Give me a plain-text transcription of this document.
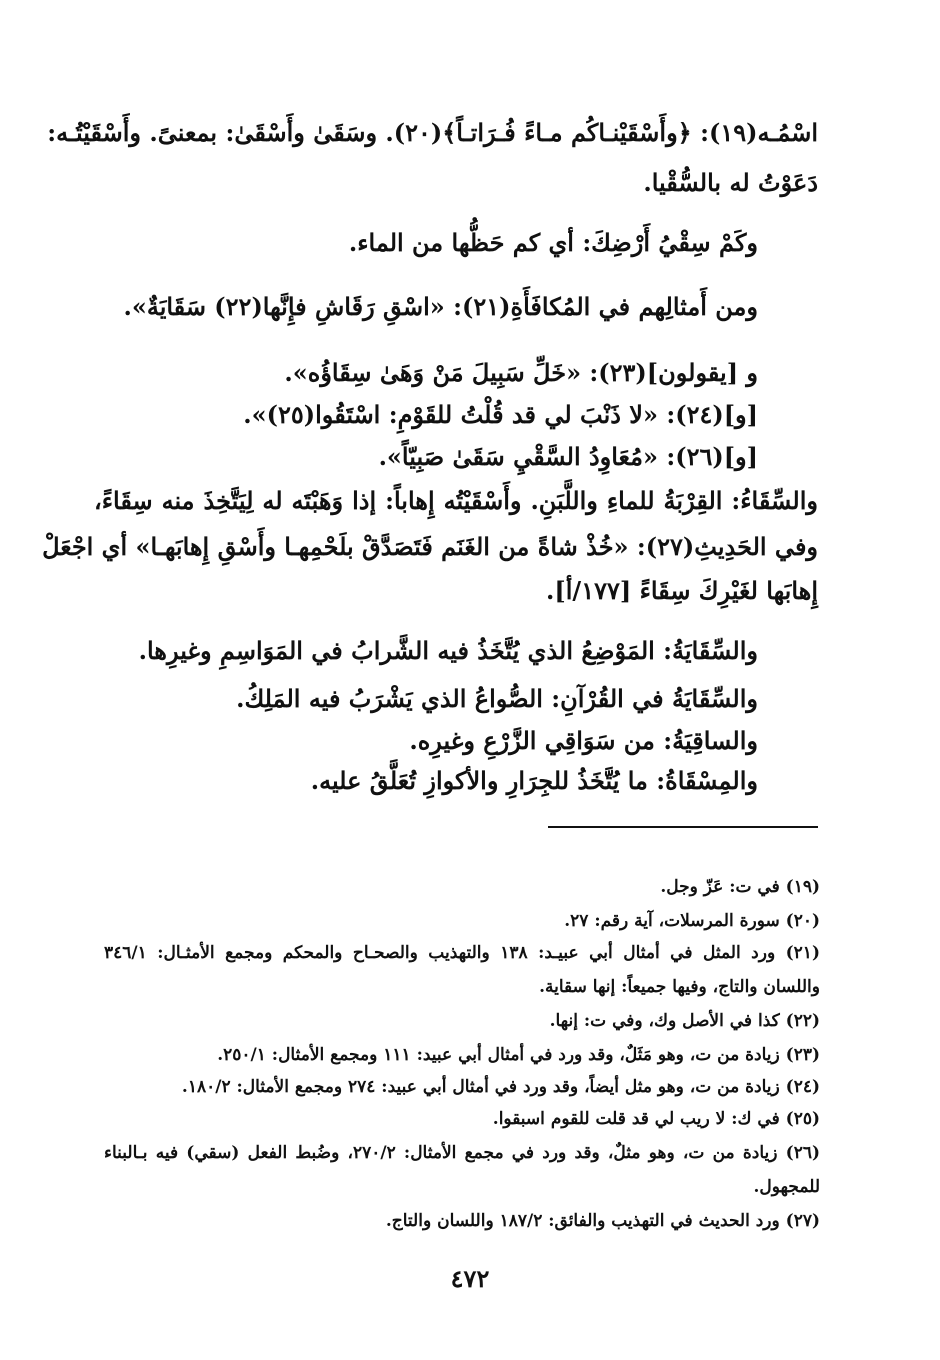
اسْمُـه(١٩): ﴿وأَسْقَيْنـاكُم مـاءً فُـرَاتـاً﴾(٢٠). وسَقَىٰ وأَسْقَىٰ: بمعنىً. وأَسْقَيْتُـه:
دَعَوْتُ له بالسُّقْيا.
وكَمْ سِقْيُ أَرْضِكَ: أي كم حَظُّها من الماء.
ومن أَمثالِهم في المُكافَأَةِ(٢١): «اسْقِ رَقَاشِ فإِنَّها(٢٢) سَقَايَةٌ».
و [يقولون](٢٣): «خَلِّ سَبِيلَ مَنْ وَهَىٰ سِقَاؤُه».
[و](٢٤): «لا ذَنْبَ لي قد قُلْتُ للقَوْمِ: اسْتَقُوا(٢٥)».
[و](٢٦): «مُعَاوِدُ السَّقْيِ سَقَىٰ صَبِيّاً».
والسِّقَاءُ: القِرْبَةُ للماءِ واللَّبَنِ. وأَسْقَيْتُه إِهاباً: إذا وَهَبْتَه له لِيَتَّخِذَ منه سِقَاءً،
وفي الحَدِيثِ(٢٧): «خُذْ شاةً من الغَنَم فَتَصَدَّقْ بلَحْمِهـا وأَسْقِ إِهابَهـا» أي اجْعَلْ
إِهابَها لغَيْرِكَ سِقَاءً [١٧٧/أ].
والسِّقَايَةُ: المَوْضِعُ الذي يُتَّخَذُ فيه الشَّرابُ في المَوَاسِمِ وغيرِها.
والسِّقَايَةُ في القُرْآنِ: الصُّواعُ الذي يَشْرَبُ فيه المَلِكُ.
والساقِيَةُ: من سَوَاقِي الزَّرْعِ وغيرِه.
والمِسْقَاةُ: ما يُتَّخَذُ للجِرَارِ والأكوازِ تُعَلَّقُ عليه.
(١٩) في ت: عَزّ وجل.
(٢٠) سورة المرسلات، آية رقم: ٢٧.
(٢١) ورد المثل في أمثال أبي عبيـد: ١٣٨ والتهذيب والصحـاح والمحكم ومجمع الأمثـال: ٣٤٦/١
واللسان والتاج، وفيها جميعاً: إنها سقاية.
(٢٢) كذا في الأصل وك، وفي ت: إنها.
(٢٣) زيادة من ت، وهو مَثَلٌ، وقد ورد في أمثال أبي عبيد: ١١١ ومجمع الأمثال: ٢٥٠/١.
(٢٤) زيادة من ت، وهو مثل أيضاً، وقد ورد في أمثال أبي عبيد: ٢٧٤ ومجمع الأمثال: ١٨٠/٢.
(٢٥) في ك: لا ريب لي قد قلت للقوم اسبقوا.
(٢٦) زيادة من ت، وهو مثلٌ، وقد ورد في مجمع الأمثال: ٢٧٠/٢، وضُبط الفعل (سقي) فيه بـالبناء
للمجهول.
(٢٧) ورد الحديث في التهذيب والفائق: ١٨٧/٢ واللسان والتاج.
٤٧٢
